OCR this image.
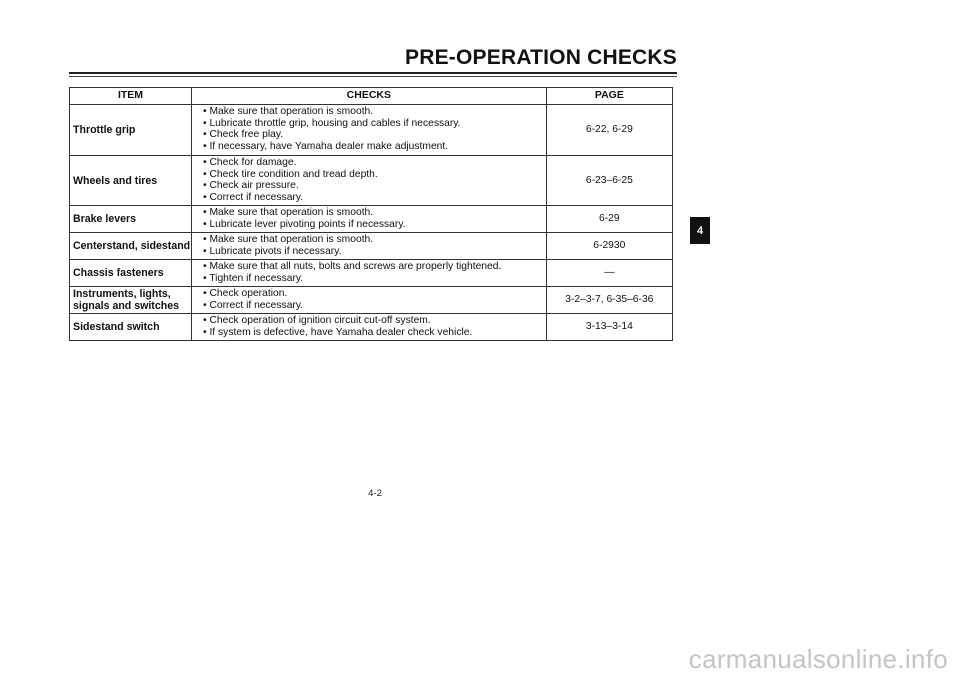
PRE-OPERATION CHECKS
ITEM	CHECKS	PAGE

Throttle grip	• Make sure that operation is smooth.
• Lubricate throttle grip, housing and cables if necessary.
• Check free play.
• If necessary, have Yamaha dealer make adjustment.	6-22, 6-29

Wheels and tires	• Check for damage.
• Check tire condition and tread depth.
• Check air pressure.
• Correct if necessary.	6-23–6-25

Brake levers	• Make sure that operation is smooth.
• Lubricate lever pivoting points if necessary.	6-29

Centerstand, sidestand	• Make sure that operation is smooth.
• Lubricate pivots if necessary.	6-2930

Chassis fasteners	• Make sure that all nuts, bolts and screws are properly tightened.
• Tighten if necessary.	—

Instruments, lights,
signals and switches	• Check operation.
• Correct if necessary.	3-2–3-7, 6-35–6-36

Sidestand switch	• Check operation of ignition circuit cut-off system.
• If system is defective, have Yamaha dealer check vehicle.	3-13–3-14
4
4-2
carmanualsonline.info
